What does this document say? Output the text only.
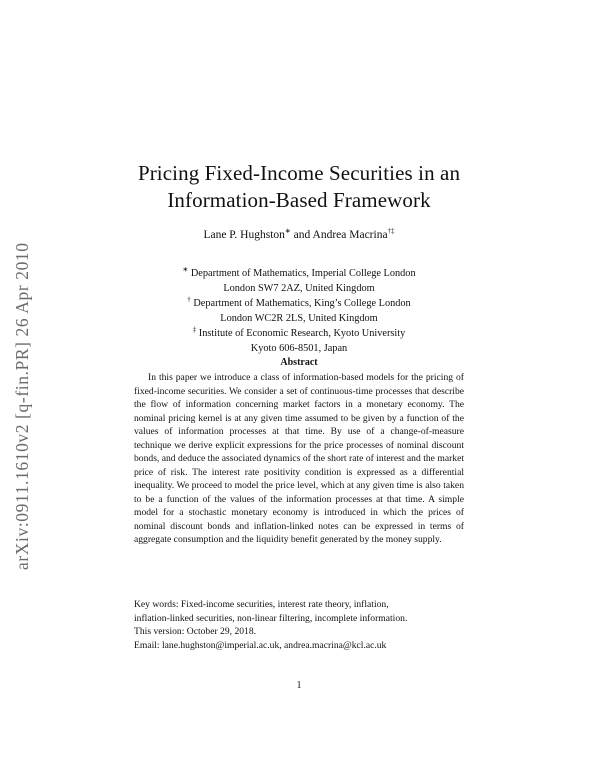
arXiv:0911.1610v2 [q-fin.PR] 26 Apr 2010
Pricing Fixed-Income Securities in an
Information-Based Framework
Lane P. Hughston∗ and Andrea Macrina†‡
∗ Department of Mathematics, Imperial College London
London SW7 2AZ, United Kingdom
† Department of Mathematics, King’s College London
London WC2R 2LS, United Kingdom
‡ Institute of Economic Research, Kyoto University
Kyoto 606-8501, Japan
Abstract

In this paper we introduce a class of information-based models for the pricing of fixed-income securities. We consider a set of continuous-time processes that describe the flow of information concerning market factors in a monetary economy. The nominal pricing kernel is at any given time assumed to be given by a function of the values of information processes at that time. By use of a change-of-measure technique we derive explicit expressions for the price processes of nominal discount bonds, and deduce the associated dynamics of the short rate of interest and the market price of risk. The interest rate positivity condition is expressed as a differential inequality. We proceed to model the price level, which at any given time is also taken to be a function of the values of the information processes at that time. A simple model for a stochastic monetary economy is introduced in which the prices of nominal discount bonds and inflation-linked notes can be expressed in terms of aggregate consumption and the liquidity benefit generated by the money supply.

Key words: Fixed-income securities, interest rate theory, inflation,
inflation-linked securities, non-linear filtering, incomplete information.
This version: October 29, 2018.
Email: lane.hughston@imperial.ac.uk, andrea.macrina@kcl.ac.uk
1
